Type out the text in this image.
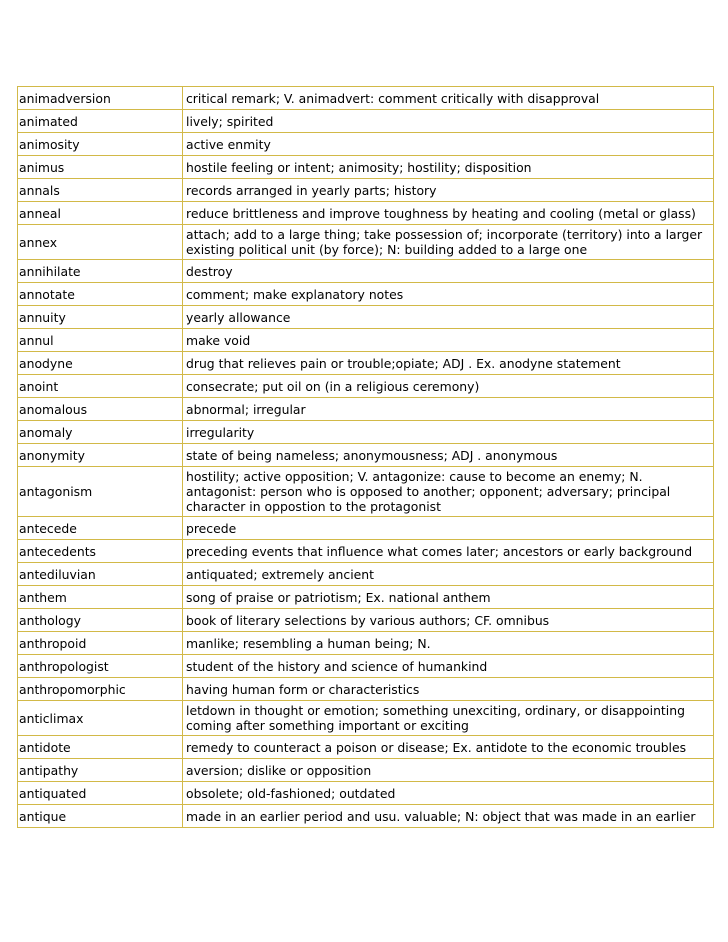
animadversion	critical remark; V. animadvert: comment critically with disapproval
animated	lively; spirited
animosity	active enmity
animus	hostile feeling or intent; animosity; hostility; disposition
annals	records arranged in yearly parts; history
anneal	reduce brittleness and improve toughness by heating and cooling (metal or glass)
annex	attach; add to a large thing; take possession of; incorporate (territory) into a larger existing political unit (by force); N: building added to a large one
annihilate	destroy
annotate	comment; make explanatory notes
annuity	yearly allowance
annul	make void
anodyne	drug that relieves pain or trouble;opiate; ADJ . Ex. anodyne statement
anoint	consecrate; put oil on (in a religious ceremony)
anomalous	abnormal; irregular
anomaly	irregularity
anonymity	state of being nameless; anonymousness; ADJ . anonymous
antagonism	hostility; active opposition; V. antagonize: cause to become an enemy; N. antagonist: person who is opposed to another; opponent; adversary; principal character in oppostion to the protagonist
antecede	precede
antecedents	preceding events that influence what comes later; ancestors or early background
antediluvian	antiquated; extremely ancient
anthem	song of praise or patriotism; Ex. national anthem
anthology	book of literary selections by various authors; CF. omnibus
anthropoid	manlike; resembling a human being; N.
anthropologist	student of the history and science of humankind
anthropomorphic	having human form or characteristics
anticlimax	letdown in thought or emotion; something unexciting, ordinary, or disappointing coming after something important or exciting
antidote	remedy to counteract a poison or disease; Ex. antidote to the economic troubles
antipathy	aversion; dislike or opposition
antiquated	obsolete; old-fashioned; outdated
antique	made in an earlier period and usu. valuable; N: object that was made in an earlier
